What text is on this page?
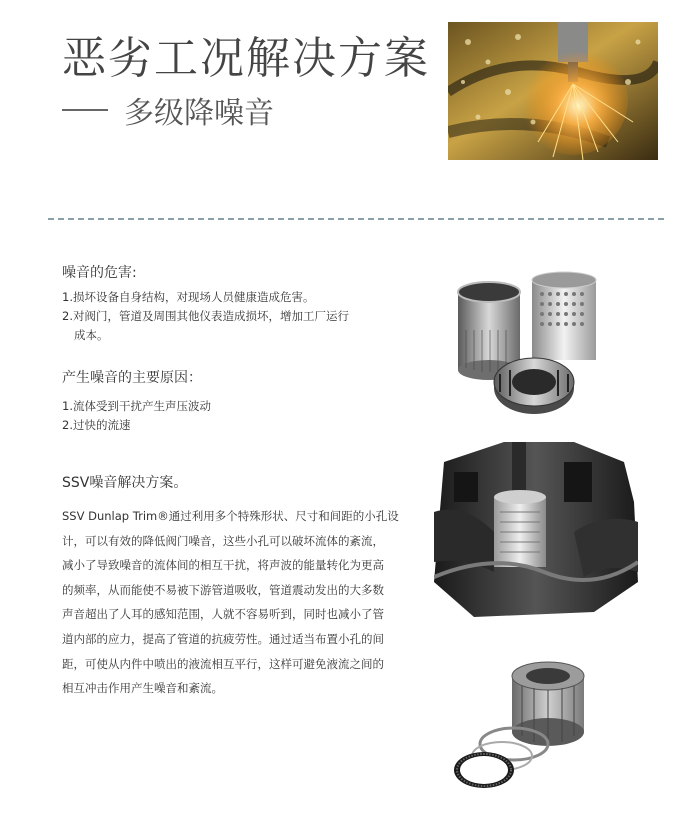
恶劣工况解决方案
多级降噪音
噪音的危害:
1.损坏设备自身结构，对现场人员健康造成危害。
2.对阀门，管道及周围其他仪表造成损坏，增加工厂运行
成本。
产生噪音的主要原因：
1.流体受到干扰产生声压波动
2.过快的流速
SSV噪音解决方案。
SSV Dunlap Trim®通过利用多个特殊形状、尺寸和间距的小孔设
计，可以有效的降低阀门噪音，这些小孔可以破坏流体的紊流，
减小了导致噪音的流体间的相互干扰，将声波的能量转化为更高
的频率，从而能使不易被下游管道吸收，管道震动发出的大多数
声音超出了人耳的感知范围，人就不容易听到，同时也减小了管
道内部的应力，提高了管道的抗疲劳性。通过适当布置小孔的间
距，可使从内件中喷出的液流相互平行，这样可避免液流之间的
相互冲击作用产生噪音和紊流。
